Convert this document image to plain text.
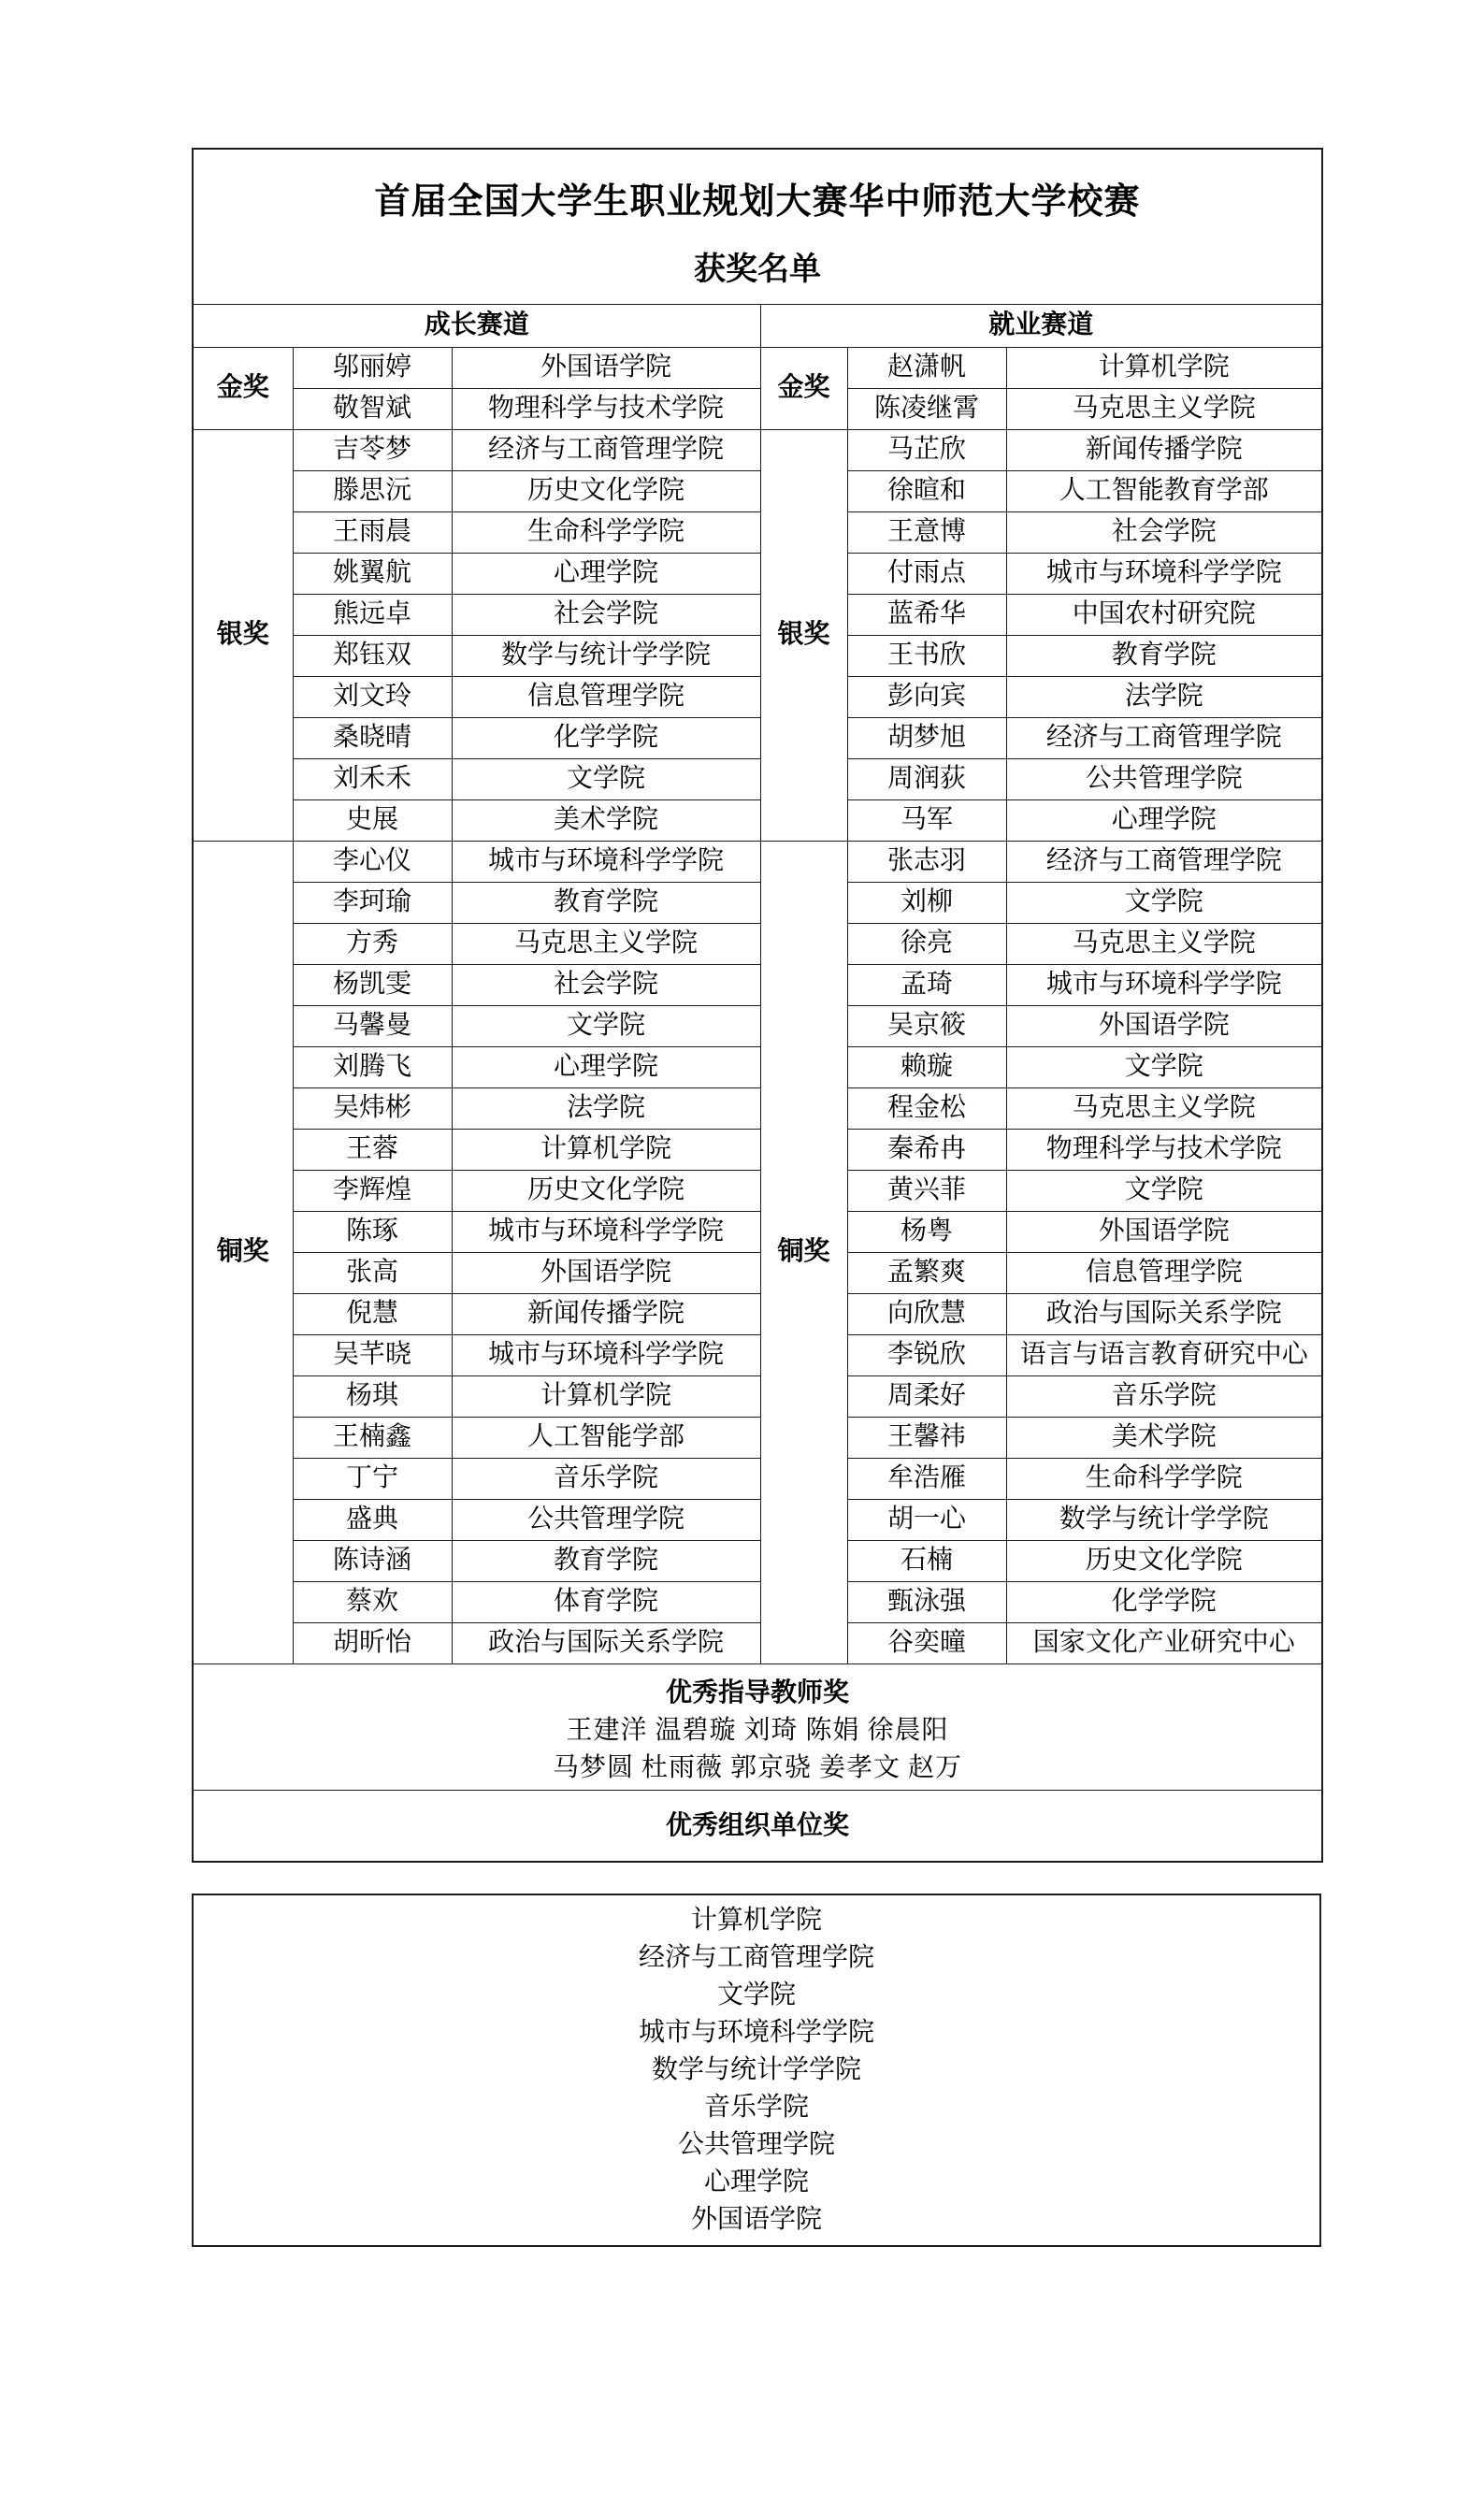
首届全国大学生职业规划大赛华中师范大学校赛
获奖名单					

成长赛道			就业赛道		
金奖	邬丽婷	外国语学院	金奖	赵潇帆	计算机学院
	敬智斌	物理科学与技术学院		陈凌继霄	马克思主义学院
银奖	吉苓梦	经济与工商管理学院	银奖	马芷欣	新闻传播学院
	滕思沅	历史文化学院		徐暄和	人工智能教育学部
	王雨晨	生命科学学院		王意博	社会学院
	姚翼航	心理学院		付雨点	城市与环境科学学院
	熊远卓	社会学院		蓝希华	中国农村研究院
	郑钰双	数学与统计学学院		王书欣	教育学院
	刘文玲	信息管理学院		彭向宾	法学院
	桑晓晴	化学学院		胡梦旭	经济与工商管理学院
	刘禾禾	文学院		周润荻	公共管理学院
	史展	美术学院		马军	心理学院
铜奖	李心仪	城市与环境科学学院	铜奖	张志羽	经济与工商管理学院
	李珂瑜	教育学院		刘柳	文学院
	方秀	马克思主义学院		徐亮	马克思主义学院
	杨凯雯	社会学院		孟琦	城市与环境科学学院
	马馨曼	文学院		吴京筱	外国语学院
	刘腾飞	心理学院		赖璇	文学院
	吴炜彬	法学院		程金松	马克思主义学院
	王蓉	计算机学院		秦希冉	物理科学与技术学院
	李辉煌	历史文化学院		黄兴菲	文学院
	陈琢	城市与环境科学学院		杨粤	外国语学院
	张高	外国语学院		孟繁爽	信息管理学院
	倪慧	新闻传播学院		向欣慧	政治与国际关系学院
	吴芊晓	城市与环境科学学院		李锐欣	语言与语言教育研究中心
	杨琪	计算机学院		周柔好	音乐学院
	王楠鑫	人工智能学部		王馨祎	美术学院
	丁宁	音乐学院		牟浩雁	生命科学学院
	盛典	公共管理学院		胡一心	数学与统计学学院
	陈诗涵	教育学院		石楠	历史文化学院
	蔡欢	体育学院		甄泳强	化学学院
	胡昕怡	政治与国际关系学院		谷奕曈	国家文化产业研究中心

优秀指导教师奖
王建洋 温碧璇 刘琦 陈娟 徐晨阳
马梦圆 杜雨薇 郭京骁 姜孝文 赵万					

优秀组织单位奖					
计算机学院
经济与工商管理学院
文学院
城市与环境科学学院
数学与统计学学院
音乐学院
公共管理学院
心理学院
外国语学院
